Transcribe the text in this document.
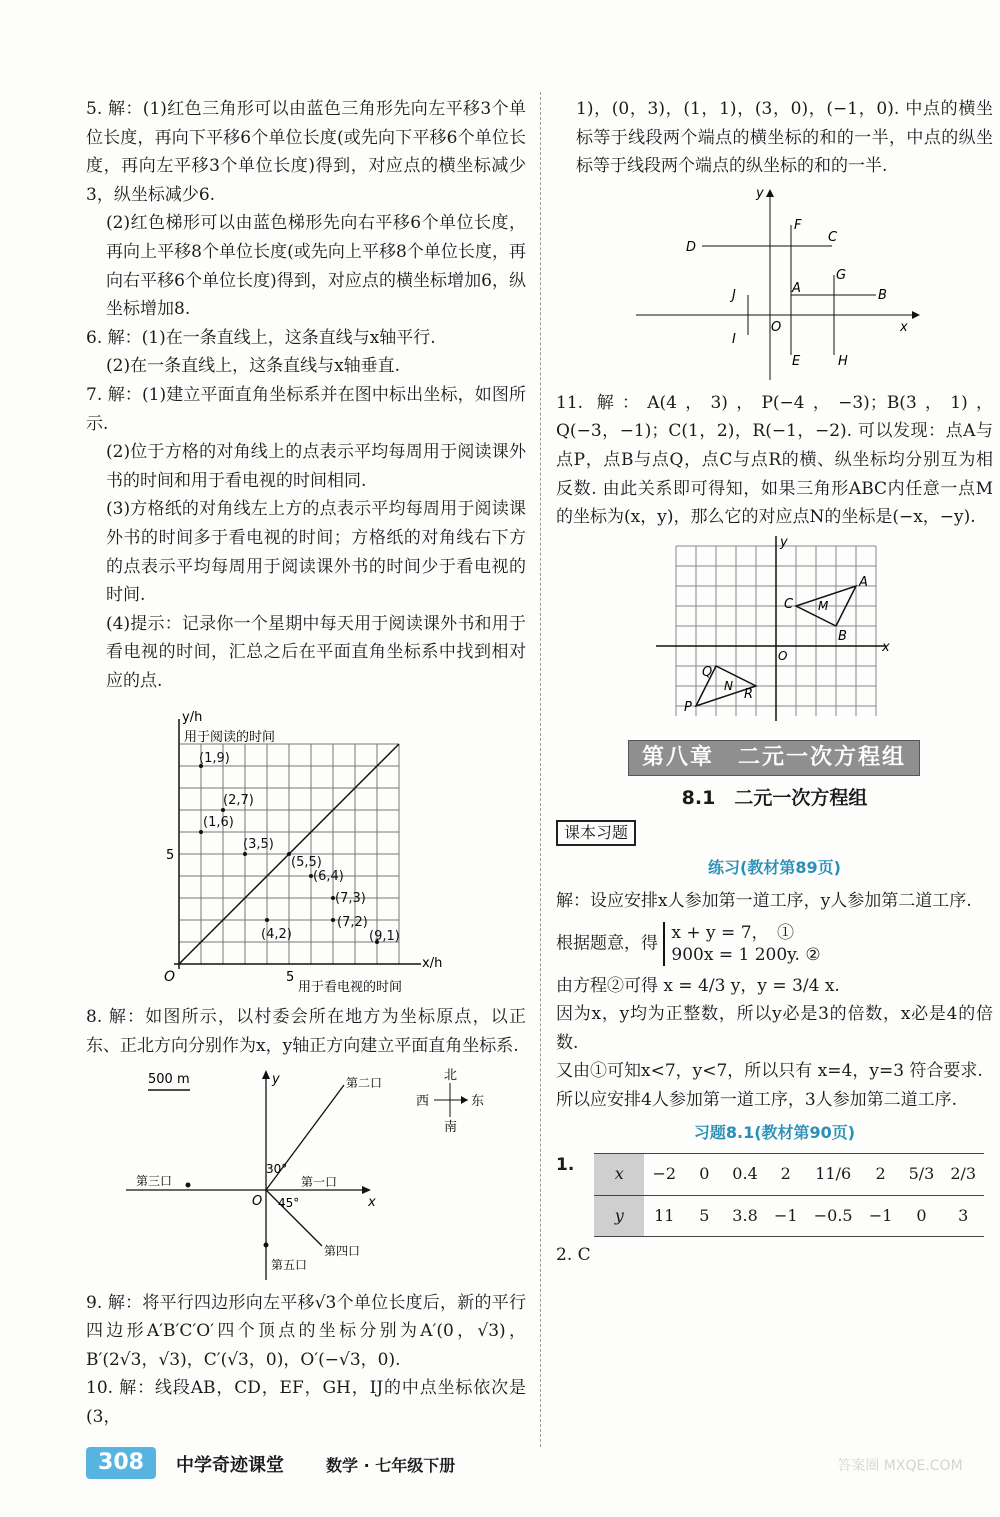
5. 解：(1)红色三角形可以由蓝色三角形先向左平移3个单位长度，再向下平移6个单位长度(或先向下平移6个单位长度，再向左平移3个单位长度)得到，对应点的横坐标减少3，纵坐标减少6.

(2)红色梯形可以由蓝色梯形先向右平移6个单位长度，再向上平移8个单位长度(或先向上平移8个单位长度，再向右平移6个单位长度)得到，对应点的横坐标增加6，纵坐标增加8.

6. 解：(1)在一条直线上，这条直线与x轴平行.

(2)在一条直线上，这条直线与x轴垂直.

7. 解：(1)建立平面直角坐标系并在图中标出坐标，如图所示.

(2)位于方格的对角线上的点表示平均每周用于阅读课外书的时间和用于看电视的时间相同.

(3)方格纸的对角线左上方的点表示平均每周用于阅读课外书的时间多于看电视的时间；方格纸的对角线右下方的点表示平均每周用于阅读课外书的时间少于看电视的时间.

(4)提示：记录你一个星期中每天用于阅读课外书和用于看电视的时间，汇总之后在平面直角坐标系中找到相对应的点.

y/h
用于阅读的时间
x/h
用于看电视的时间
O
5
5
(1,9)
(2,7)
(1,6)
(3,5)
(5,5)
(6,4)
(7,3)
(7,2)
(4,2)	(9,1)

8. 解：如图所示，以村委会所在地方为坐标原点，以正东、正北方向分别作为x，y轴正方向建立平面直角坐标系.

500 m	y
x
O
第二口
第三口	第一口
第四口
第五口
30°
45°
北
南
东
西

9. 解：将平行四边形向左平移√3个单位长度后，新的平行四边形A′B′C′O′四个顶点的坐标分别为A′(0，√3)，B′(2√3，√3)，C′(√3，0)，O′(−√3，0).

10. 解：线段AB，CD，EF，GH，IJ的中点坐标依次是(3，

1)，(0，3)，(1，1)，(3，0)，(−1，0). 中点的横坐标等于线段两个端点的横坐标的和的一半，中点的纵坐标等于线段两个端点的纵坐标的和的一半.

x
y
O
D
F
C
G
A	B
J
I
E	H

11. 解：A(4，3)，P(−4，−3)；B(3，1)，Q(−3，−1)；C(1，2)，R(−1，−2). 可以发现：点A与点P，点B与点Q，点C与点R的横、纵坐标均分别互为相反数. 由此关系即可得知，如果三角形ABC内任意一点M的坐标为(x，y)，那么它的对应点N的坐标是(−x，−y).

x
y
O
A
B
C M
P
Q
R
N
第八章　二元一次方程组
8.1　二元一次方程组
课本习题
练习(教材第89页)

解：设应安排x人参加第一道工序，y人参加第二道工序.

根据题意，得
x + y = 7，　①
900x = 1 200y. ②

由方程②可得 x = 4/3 y，y = 3/4 x.

因为x，y均为正整数，所以y必是3的倍数，x必是4的倍数.

又由①可知x<7，y<7，所以只有 x=4，y=3 符合要求.

所以应安排4人参加第一道工序，3人参加第二道工序.

习题8.1(教材第90页)
1.	x	−2	0	0.4	2	11/6	2	5/3	2/3
y	11	5	3.8	−1	−0.5	−1	0	3

2. C

308	中学奇迹课堂	数学 · 七年级下册	答案圈 MXQE.COM
